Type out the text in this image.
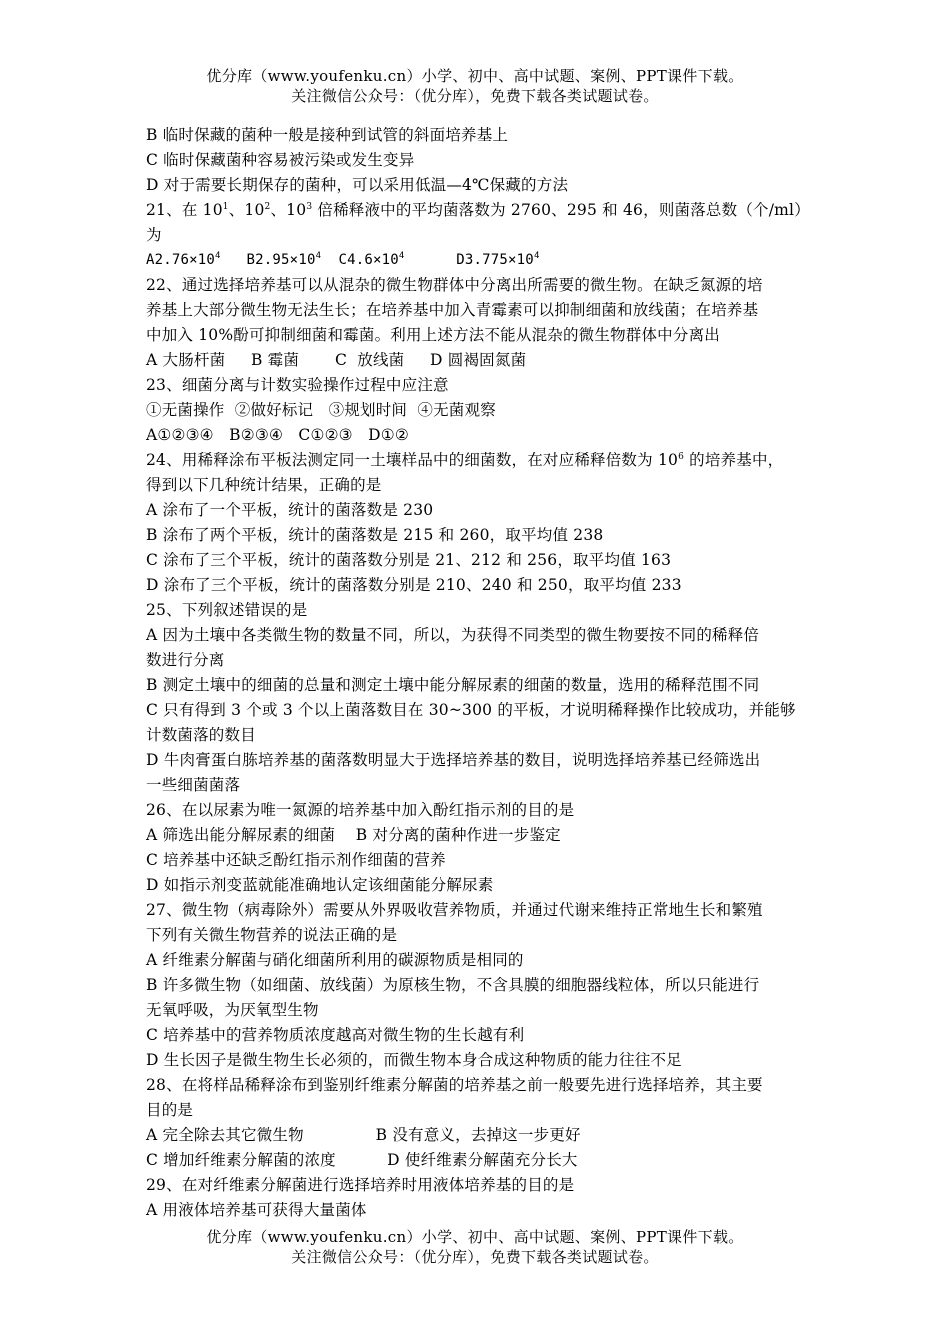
优分库（www.youfenku.cn）小学、初中、高中试题、案例、PPT课件下载。
关注微信公众号：（优分库），免费下载各类试题试卷。
B 临时保藏的菌种一般是接种到试管的斜面培养基上
C 临时保藏菌种容易被污染或发生变异
D 对于需要长期保存的菌种，可以采用低温—4℃保藏的方法
21、在 $10^1$、$10^2$、$10^3$ 倍稀释液中的平均菌落数为 2760、295 和 46，则菌落总数（个/ml）
为
$A2.76\times 10^4$   $B2.95\times 10^4$  $C4.6\times 10^4$      $D3.775\times 10^4$
22、通过选择培养基可以从混杂的微生物群体中分离出所需要的微生物。在缺乏氮源的培
养基上大部分微生物无法生长；在培养基中加入青霉素可以抑制细菌和放线菌；在培养基
中加入 10%酚可抑制细菌和霉菌。利用上述方法不能从混杂的微生物群体中分离出
A 大肠杆菌     B 霉菌       C  放线菌     D 圆褐固氮菌
23、细菌分离与计数实验操作过程中应注意
①无菌操作  ②做好标记   ③规划时间  ④无菌观察
A①②③④   B②③④   C①②③   D①②
24、用稀释涂布平板法测定同一土壤样品中的细菌数，在对应稀释倍数为 $10^6$ 的培养基中，
得到以下几种统计结果，正确的是
A 涂布了一个平板，统计的菌落数是 230
B 涂布了两个平板，统计的菌落数是 215 和 260，取平均值 238
C 涂布了三个平板，统计的菌落数分别是 21、212 和 256，取平均值 163
D 涂布了三个平板，统计的菌落数分别是 210、240 和 250，取平均值 233
25、下列叙述错误的是
A 因为土壤中各类微生物的数量不同，所以，为获得不同类型的微生物要按不同的稀释倍
数进行分离
B 测定土壤中的细菌的总量和测定土壤中能分解尿素的细菌的数量，选用的稀释范围不同
C 只有得到 3 个或 3 个以上菌落数目在 30~300 的平板，才说明稀释操作比较成功，并能够
计数菌落的数目
D 牛肉膏蛋白胨培养基的菌落数明显大于选择培养基的数目，说明选择培养基已经筛选出
一些细菌菌落
26、在以尿素为唯一氮源的培养基中加入酚红指示剂的目的是
A 筛选出能分解尿素的细菌    B 对分离的菌种作进一步鉴定
C 培养基中还缺乏酚红指示剂作细菌的营养
D 如指示剂变蓝就能准确地认定该细菌能分解尿素
27、微生物（病毒除外）需要从外界吸收营养物质，并通过代谢来维持正常地生长和繁殖
下列有关微生物营养的说法正确的是
A 纤维素分解菌与硝化细菌所利用的碳源物质是相同的
B 许多微生物（如细菌、放线菌）为原核生物，不含具膜的细胞器线粒体，所以只能进行
无氧呼吸，为厌氧型生物
C 培养基中的营养物质浓度越高对微生物的生长越有利
D 生长因子是微生物生长必须的，而微生物本身合成这种物质的能力往往不足
28、在将样品稀释涂布到鉴别纤维素分解菌的培养基之前一般要先进行选择培养，其主要
目的是
A 完全除去其它微生物              B 没有意义，去掉这一步更好
C 增加纤维素分解菌的浓度          D 使纤维素分解菌充分长大
29、在对纤维素分解菌进行选择培养时用液体培养基的目的是
A 用液体培养基可获得大量菌体
优分库（www.youfenku.cn）小学、初中、高中试题、案例、PPT课件下载。
关注微信公众号：（优分库），免费下载各类试题试卷。
